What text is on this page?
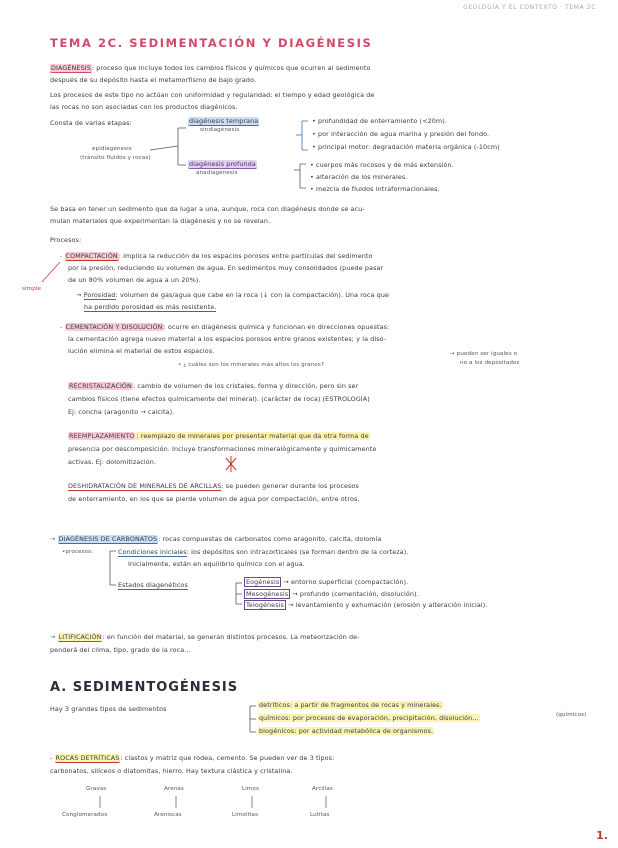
GEOLOGÍA Y EL CONTEXTO · TEMA 2C
TEMA 2C. SEDIMENTACIÓN Y DIAGÉNESIS
DIAGÉNESIS: proceso que incluye todos los cambios físicos y químicos que ocurren al sedimento
después de su depósito hasta el metamorfismo de bajo grado.
Los procesos de este tipo no actúan con uniformidad y regularidad: el tiempo y edad geológica de
las rocas no son asociadas con los productos diagénicos.
Consta de varias etapas:	diagénesis temprana
sindiagénesis
• profundidad de enterramiento (<20m).
• por interacción de agua marina y presión del fondo.
• principal motor: degradación materia orgánica (-10cm)
epidiagénesis
(tránsito fluidos y rocas)
diagénesis profunda
anadiagénesis
• cuerpos más rocosos y de más extensión.
• alteración de los minerales.
• mezcla de fluidos intraformacionales.
Se basa en tener un sedimento que da lugar a una, aunque, roca con diagénesis donde se acu-
mulan materiales que experimentan la diagénesis y no se revelan.
Procesos:
simple
- COMPACTACIÓN: implica la reducción de los espacios porosos entre partículas del sedimento
por la presión, reduciendo su volumen de agua. En sedimentos muy consolidados (puede pasar
de un 80% volumen de agua a un 20%).
→ Porosidad: volumen de gas/agua que cabe en la roca (↓ con la compactación). Una roca que
ha perdido porosidad es más resistente.
- CEMENTACIÓN Y DISOLUCIÓN: ocurre en diagénesis química y funcionan en direcciones opuestas:
la cementación agrega nuevo material a los espacios porosos entre granos existentes; y la diso-
lución elimina el material de estos espacios.	→ pueden ser iguales o
no a los depositados
• ¿ cuáles son los minerales más altos los granos?
RECRISTALIZACIÓN: cambio de volumen de los cristales, forma y dirección, pero sin ser
cambios físicos (tiene efectos químicamente del mineral). (carácter de roca) (ESTROLOGÍA)
Ej: concha (aragonito → calcita).
REEMPLAZAMIENTO : reemplazo de minerales por presentar material que da otra forma de
presencia por descomposición. Incluye transformaciones mineralógicamente y químicamente
activas. Ej: dolomitización.
DESHIDRATACIÓN DE MINERALES DE ARCILLAS: se pueden generar durante los procesos
de enterramiento, en los que se pierde volumen de agua por compactación, entre otros.
→ DIAGÉNESIS DE CARBONATOS: rocas compuestas de carbonatos como aragonito, calcita, dolomía
•procesos:	Condiciones iniciales: los depósitos son intracorticales (se forman dentro de la corteza).
Inicialmente, están en equilibrio químico con el agua.
Estados diagenéticos	Eogénesis → entorno superficial (compactación).
Mesogénesis → profundo (cementación, disolución).
Telogénesis → levantamiento y exhumación (erosión y alteración inicial).
→ LITIFICACIÓN: en función del material, se generan distintos procesos. La meteorización de-
penderá del clima, tipo, grado de la roca...
A. SEDIMENTOGÉNESIS
Hay 3 grandes tipos de sedimentos	detríticos: a partir de fragmentos de rocas y minerales.
químicos: por procesos de evaporación, precipitación, disolución...	(químicos)
biogénicos: por actividad metabólica de organismos.
- ROCAS DETRÍTICAS: clastos y matriz que rodea, cemento. Se pueden ver de 3 tipos:
carbonatos, silíceos o diatomitas, hierro. Hay textura clástica y cristalina.
Gravas	Arenas	Limos	Arcillas
Conglomerados	Areniscas	Limolitas	Lutitas
1.
